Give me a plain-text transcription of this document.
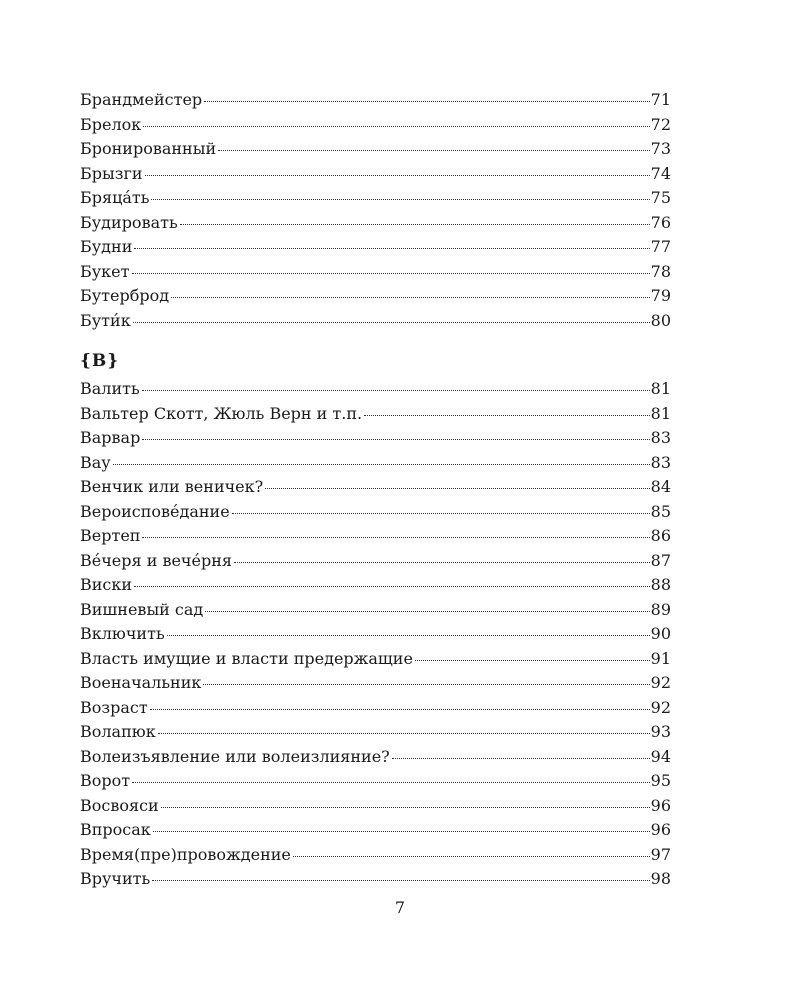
Брандмейстер	71
Брелок	72
Бронированный	73
Брызги	74
Бряца́ть	75
Будировать	76
Будни	77
Букет	78
Бутерброд	79
Бути́к	80
{В}
Валить	81
Вальтер Скотт, Жюль Верн и т.п.	81
Варвар	83
Вау	83
Венчик или веничек?	84
Вероисповéдание	85
Вертеп	86
Вéчеря и вечéрня	87
Виски	88
Вишневый сад	89
Включить	90
Власть имущие и власти предержащие	91
Военачальник	92
Возраст	92
Волапюк	93
Волеизъявление или волеизлияние?	94
Ворот	95
Восвояси	96
Впросак	96
Время(пре)провождение	97
Вручить	98
7
